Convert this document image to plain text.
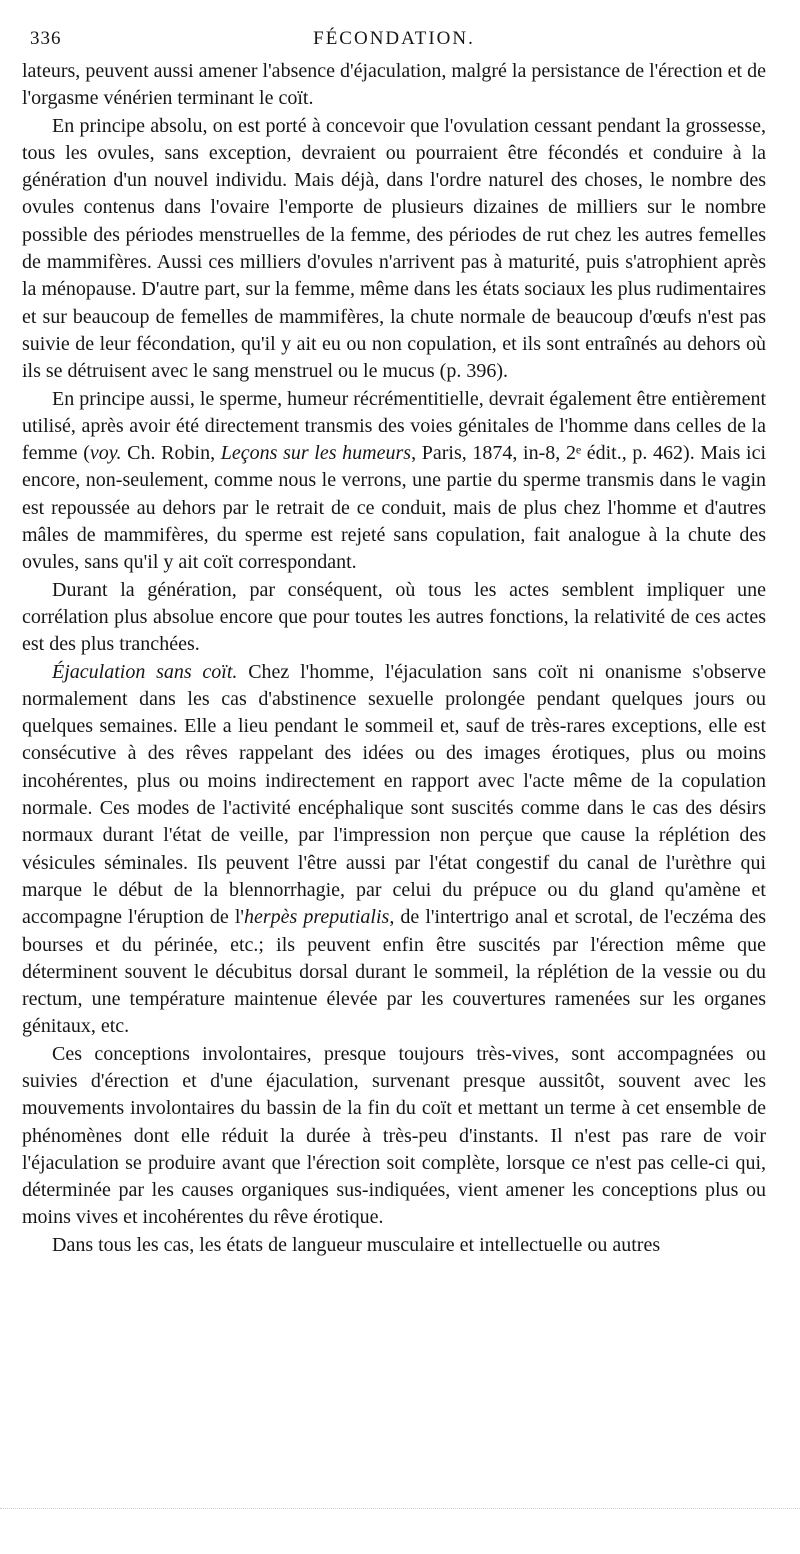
336	FÉCONDATION.

lateurs, peuvent aussi amener l'absence d'éjaculation, malgré la persistance de l'érection et de l'orgasme vénérien terminant le coït.

En principe absolu, on est porté à concevoir que l'ovulation cessant pendant la grossesse, tous les ovules, sans exception, devraient ou pourraient être fécondés et conduire à la génération d'un nouvel individu. Mais déjà, dans l'ordre naturel des choses, le nombre des ovules contenus dans l'ovaire l'emporte de plusieurs dizaines de milliers sur le nombre possible des périodes menstruelles de la femme, des périodes de rut chez les autres femelles de mammifères. Aussi ces milliers d'ovules n'arrivent pas à maturité, puis s'atrophient après la ménopause. D'autre part, sur la femme, même dans les états sociaux les plus rudimentaires et sur beaucoup de femelles de mammifères, la chute normale de beaucoup d'œufs n'est pas suivie de leur fécondation, qu'il y ait eu ou non copulation, et ils sont entraînés au dehors où ils se détruisent avec le sang menstruel ou le mucus (p. 396).

En principe aussi, le sperme, humeur récrémentitielle, devrait également être entièrement utilisé, après avoir été directement transmis des voies génitales de l'homme dans celles de la femme (voy. Ch. Robin, Leçons sur les humeurs, Paris, 1874, in-8, 2ᵉ édit., p. 462). Mais ici encore, non-seulement, comme nous le verrons, une partie du sperme transmis dans le vagin est repoussée au dehors par le retrait de ce conduit, mais de plus chez l'homme et d'autres mâles de mammifères, du sperme est rejeté sans copulation, fait analogue à la chute des ovules, sans qu'il y ait coït correspondant.

Durant la génération, par conséquent, où tous les actes semblent impliquer une corrélation plus absolue encore que pour toutes les autres fonctions, la relativité de ces actes est des plus tranchées.

Éjaculation sans coït. Chez l'homme, l'éjaculation sans coït ni onanisme s'observe normalement dans les cas d'abstinence sexuelle prolongée pendant quelques jours ou quelques semaines. Elle a lieu pendant le sommeil et, sauf de très-rares exceptions, elle est consécutive à des rêves rappelant des idées ou des images érotiques, plus ou moins incohérentes, plus ou moins indirectement en rapport avec l'acte même de la copulation normale. Ces modes de l'activité encéphalique sont suscités comme dans le cas des désirs normaux durant l'état de veille, par l'impression non perçue que cause la réplétion des vésicules séminales. Ils peuvent l'être aussi par l'état congestif du canal de l'urèthre qui marque le début de la blennorrhagie, par celui du prépuce ou du gland qu'amène et accompagne l'éruption de l'herpès preputialis, de l'intertrigo anal et scrotal, de l'eczéma des bourses et du périnée, etc.; ils peuvent enfin être suscités par l'érection même que déterminent souvent le décubitus dorsal durant le sommeil, la réplétion de la vessie ou du rectum, une température maintenue élevée par les couvertures ramenées sur les organes génitaux, etc.

Ces conceptions involontaires, presque toujours très-vives, sont accompagnées ou suivies d'érection et d'une éjaculation, survenant presque aussitôt, souvent avec les mouvements involontaires du bassin de la fin du coït et mettant un terme à cet ensemble de phénomènes dont elle réduit la durée à très-peu d'instants. Il n'est pas rare de voir l'éjaculation se produire avant que l'érection soit complète, lorsque ce n'est pas celle-ci qui, déterminée par les causes organiques sus-indiquées, vient amener les conceptions plus ou moins vives et incohérentes du rêve érotique.

Dans tous les cas, les états de langueur musculaire et intellectuelle ou autres
